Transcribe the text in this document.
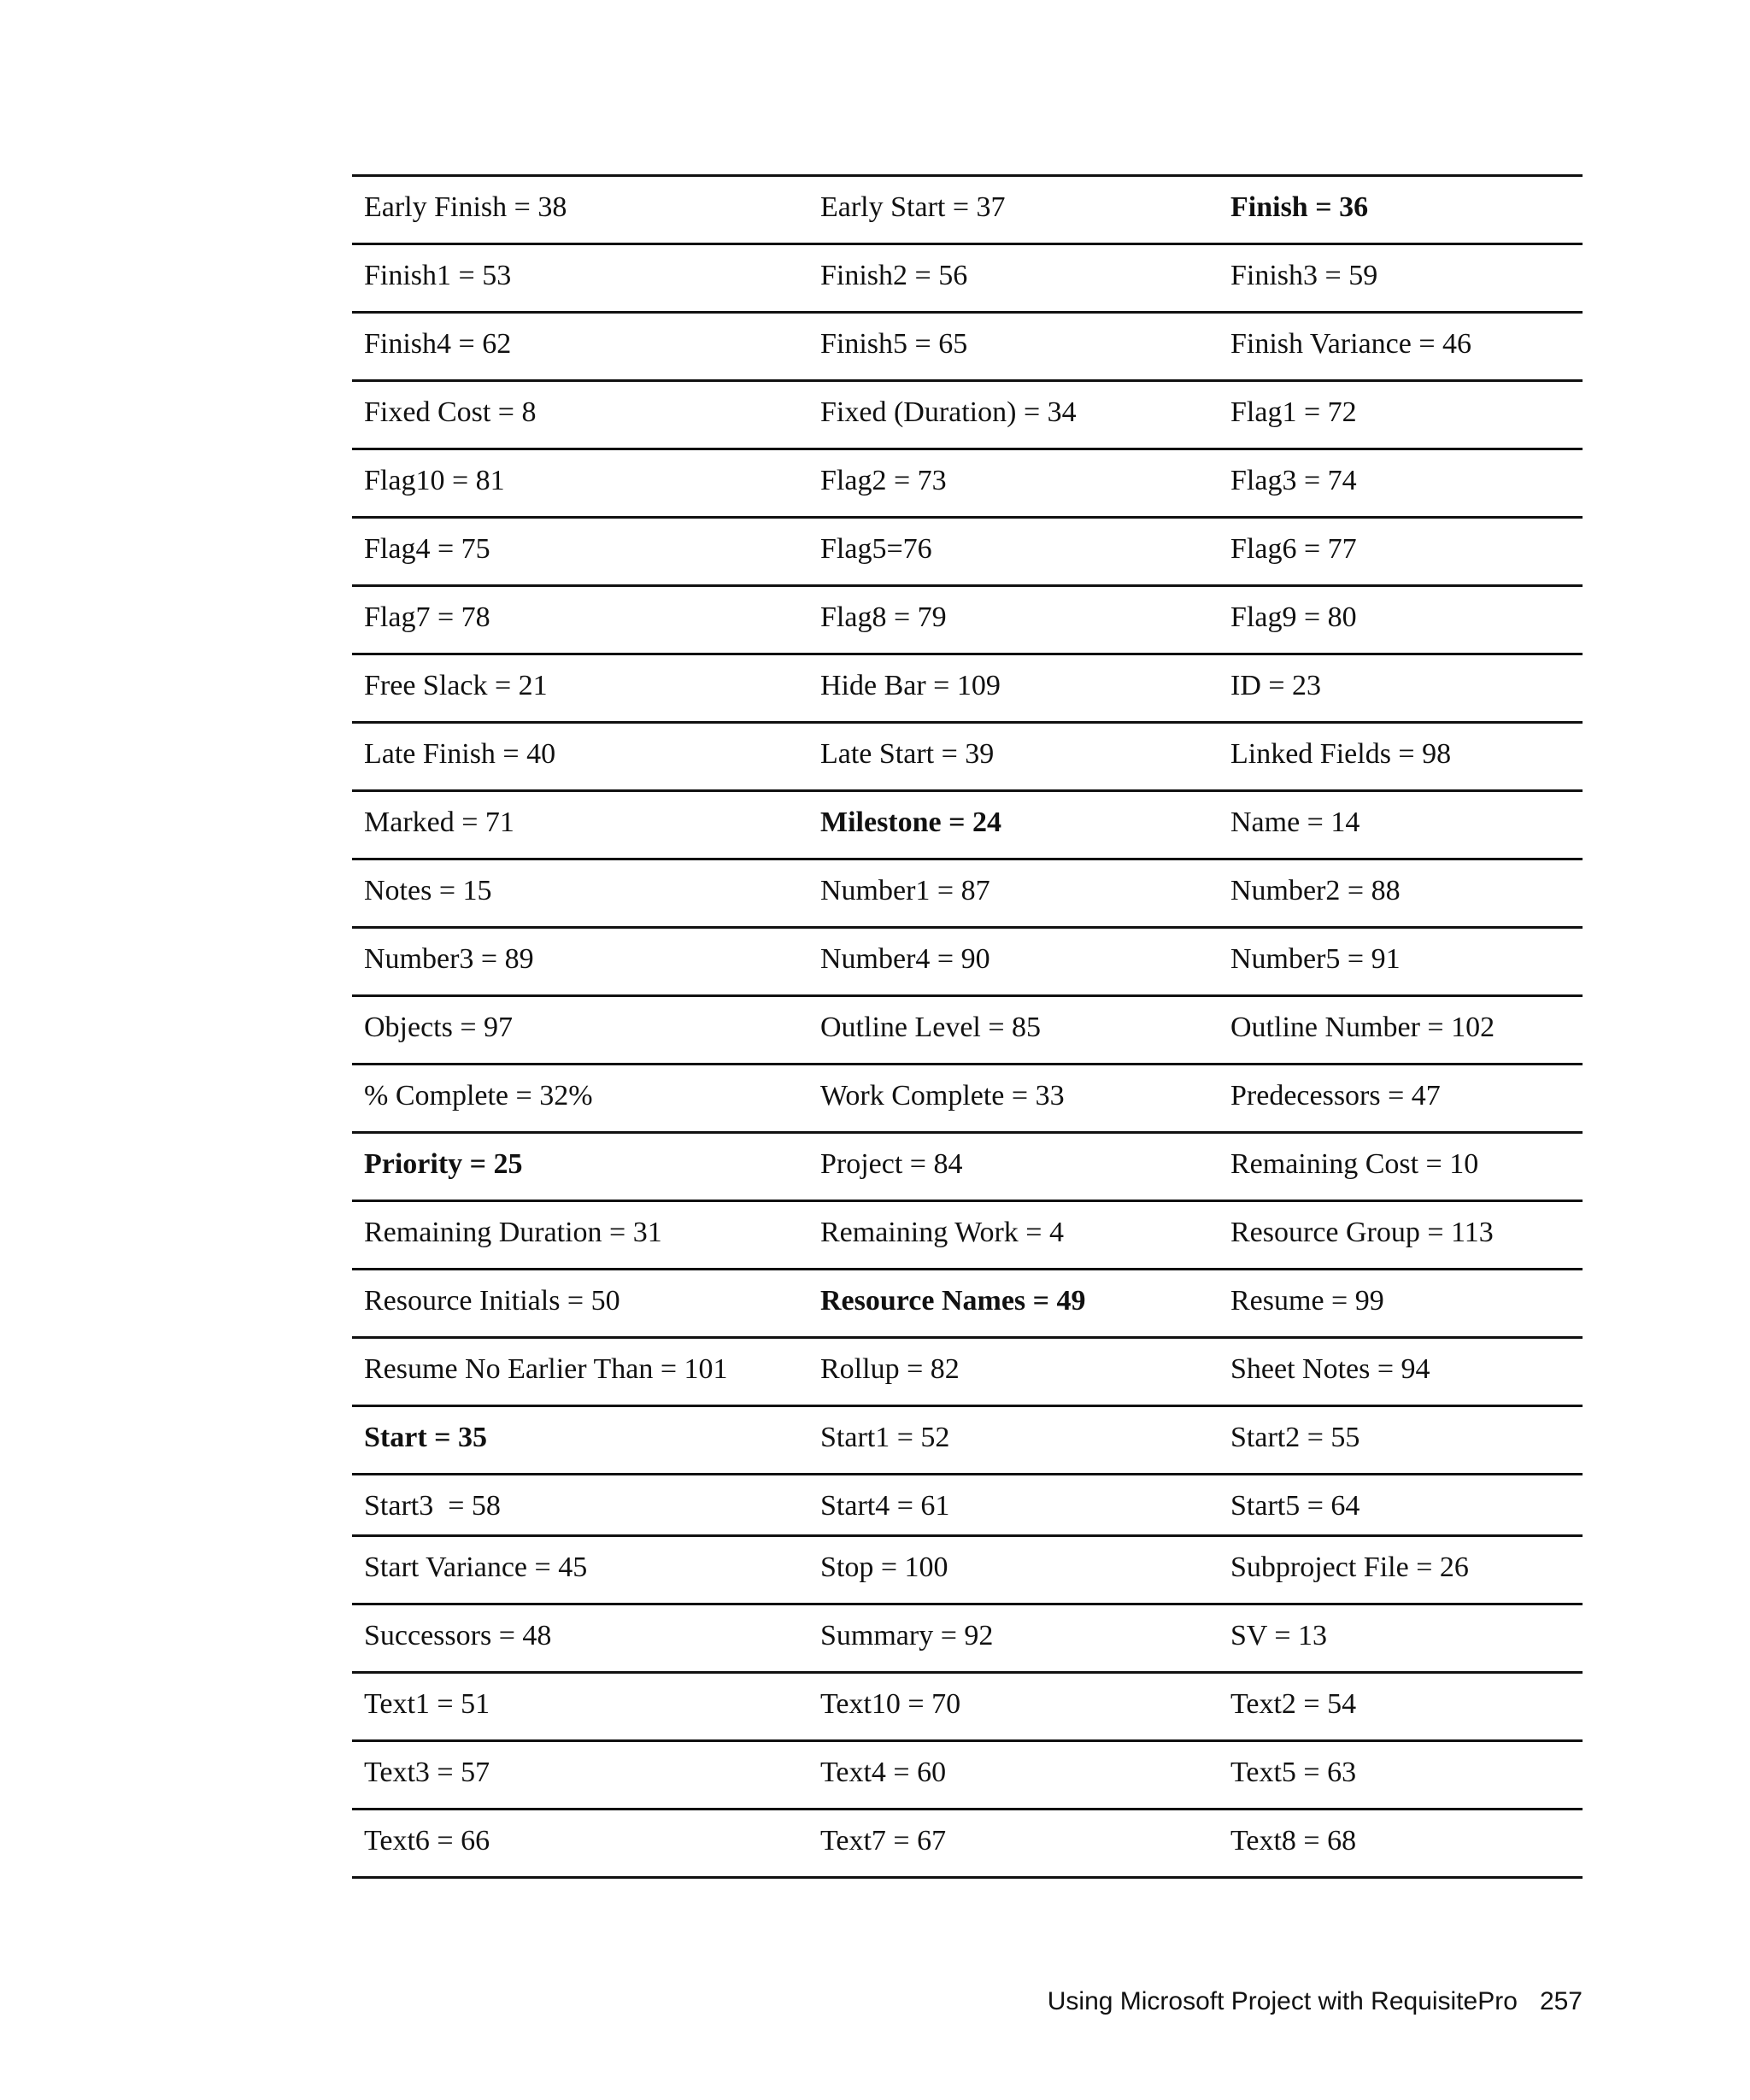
Early Finish = 38	Early Start = 37	Finish = 36
Finish1 = 53	Finish2 = 56	Finish3 = 59
Finish4 = 62	Finish5 = 65	Finish Variance = 46
Fixed Cost = 8	Fixed (Duration) = 34	Flag1 = 72
Flag10 = 81	Flag2 = 73	Flag3 = 74
Flag4 = 75	Flag5=76	Flag6 = 77
Flag7 = 78	Flag8 = 79	Flag9 = 80
Free Slack = 21	Hide Bar = 109	ID = 23
Late Finish = 40	Late Start = 39	Linked Fields = 98
Marked = 71	Milestone = 24	Name = 14
Notes = 15	Number1 = 87	Number2 = 88
Number3 = 89	Number4 = 90	Number5 = 91
Objects = 97	Outline Level = 85	Outline Number = 102
% Complete = 32%	Work Complete = 33	Predecessors = 47
Priority = 25	Project = 84	Remaining Cost = 10
Remaining Duration = 31	Remaining Work = 4	Resource Group = 113
Resource Initials = 50	Resource Names = 49	Resume = 99
Resume No Earlier Than = 101	Rollup = 82	Sheet Notes = 94
Start = 35	Start1 = 52	Start2 = 55
Start3  = 58	Start4 = 61	Start5 = 64
Start Variance = 45	Stop = 100	Subproject File = 26
Successors = 48	Summary = 92	SV = 13
Text1 = 51	Text10 = 70	Text2 = 54
Text3 = 57	Text4 = 60	Text5 = 63
Text6 = 66	Text7 = 67	Text8 = 68
Using Microsoft Project with RequisitePro 257
